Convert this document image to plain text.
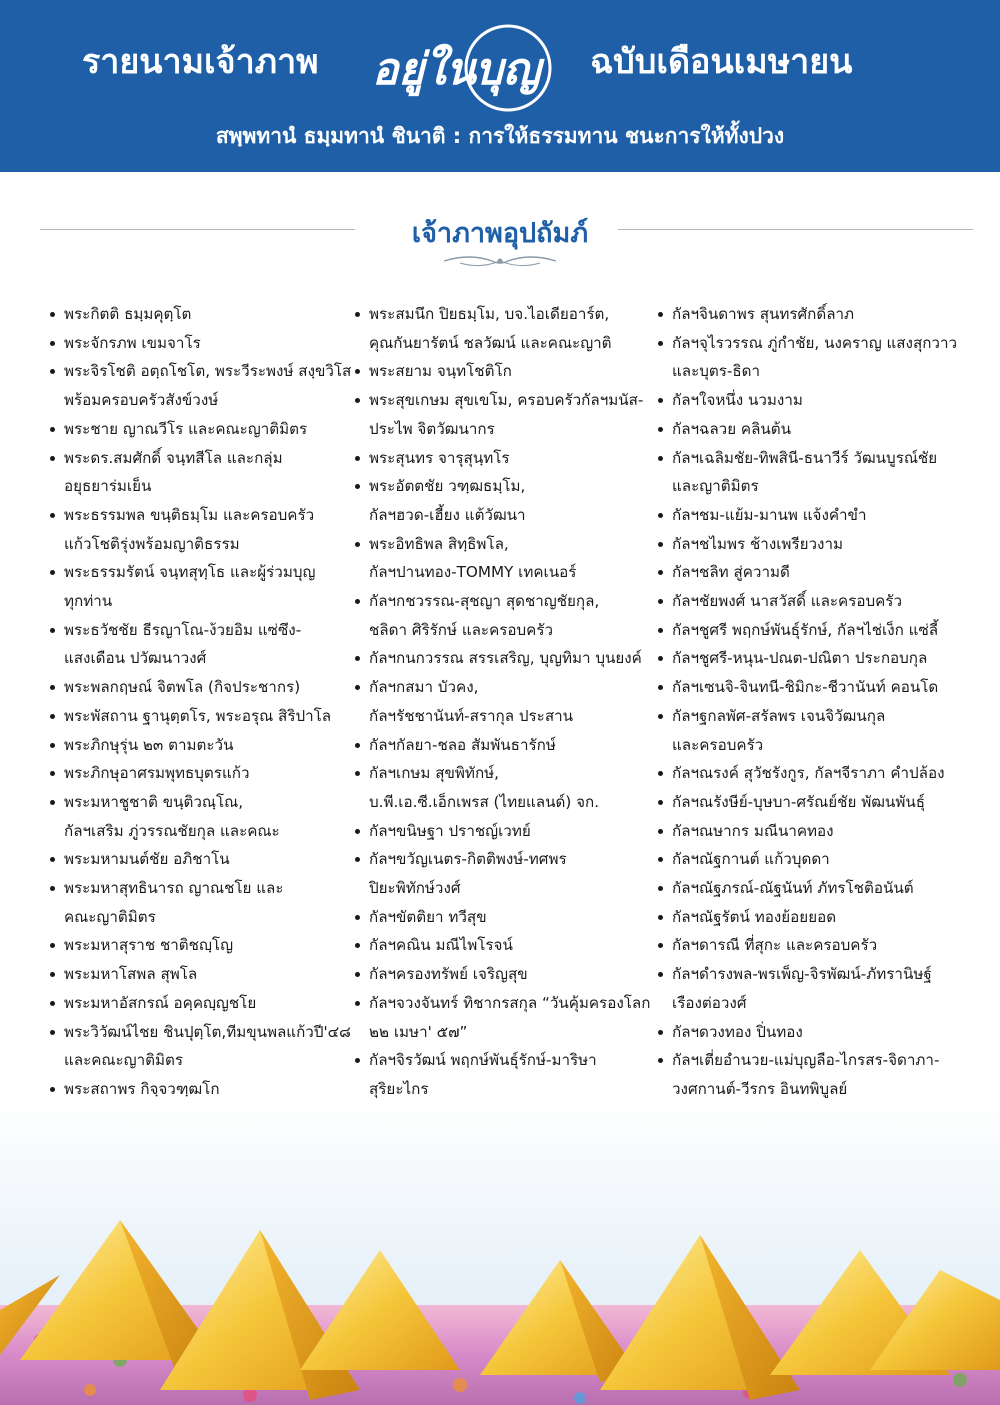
รายนามเจ้าภาพ อยู่ใน บุญ ฉบับเดือนเมษายน
สพฺพทานํ ธมฺมทานํ ชินาติ : การให้ธรรมทาน ชนะการให้ทั้งปวง
เจ้าภาพอุปถัมภ์
พระกิตติ ธมฺมคุตฺโต
พระจักรภพ เขมจาโร
พระจิรโชติ อตฺถโชโต, พระวีระพงษ์ สงฺขวิโส
พร้อมครอบครัวสังข์วงษ์
พระชาย ญาณวีโร และคณะญาติมิตร
พระดร.สมศักดิ์ จนฺทสีโล และกลุ่ม
อยุธยาร่มเย็น
พระธรรมพล ขนฺติธมฺโม และครอบครัว
แก้วโชติรุ่งพร้อมญาติธรรม
พระธรรมรัตน์ จนฺทสุทฺโธ และผู้ร่วมบุญ
ทุกท่าน
พระธวัชชัย ธีรญาโณ-ง้วยอิม แซ่ซึง-
แสงเดือน ปวัฒนาวงศ์
พระพลกฤษณ์ จิตพโล (กิจประชากร)
พระพัสถาน ฐานุตฺตโร, พระอรุณ สิริปาโล
พระภิกษุรุ่น ๒๓ ตามตะวัน
พระภิกษุอาศรมพุทธบุตรแก้ว
พระมหาชูชาติ ขนฺติวณฺโณ,
กัลฯเสริม ภู่วรรณชัยกุล และคณะ
พระมหามนต์ชัย อภิชาโน
พระมหาสุทธินารถ ญาณชโย และ
คณะญาติมิตร
พระมหาสุราช ชาติชญฺโญ
พระมหาโสพล สุพโล
พระมหาอัสกรณ์ อคฺคญฺญชโย
พระวิวัฒน์ไชย ชินปุตฺโต,ทีมขุนพลแก้วปี'๔๘
และคณะญาติมิตร
พระสถาพร กิจฺจวฑฺฒโก
พระสมนึก ปิยธมฺโม, บจ.ไอเดียอาร์ต,
คุณกันยารัตน์ ชลวัฒน์ และคณะญาติ
พระสยาม จนฺทโชติโก
พระสุขเกษม สุขเขโม, ครอบครัวกัลฯมนัส-
ประไพ จิตวัฒนากร
พระสุนทร จารุสุนฺทโร
พระอัตตชัย วฑฺฒธมฺโม,
กัลฯฮวด-เฮี้ยง แต้วัฒนา
พระอิทธิพล สิทฺธิพโล,
กัลฯปานทอง-TOMMY เทคเนอร์
กัลฯกชวรรณ-สุชญา สุดชาญชัยกุล,
ชลิดา ศิริรักษ์ และครอบครัว
กัลฯกนกวรรณ สรรเสริญ, บุญทิมา บุนยงค์
กัลฯกสมา บัวคง,
กัลฯรัชชานันท์-สรากุล ประสาน
กัลฯกัลยา-ชลอ สัมพันธารักษ์
กัลฯเกษม สุขพิทักษ์,
บ.พี.เอ.ซี.เอ็กเพรส (ไทยแลนด์) จก.
กัลฯขนิษฐา ปราชญ์เวทย์
กัลฯขวัญเนตร-กิตติพงษ์-ทศพร
ปิยะพิทักษ์วงศ์
กัลฯขัตติยา ทวีสุข
กัลฯคณิน มณีไพโรจน์
กัลฯครองทรัพย์ เจริญสุข
กัลฯจวงจันทร์ ทิชากรสกุล “วันคุ้มครองโลก
๒๒ เมษา' ๕๗”
กัลฯจิรวัฒน์ พฤกษ์พันธุ์รักษ์-มาริษา
สุริยะไกร
กัลฯจินดาพร สุนทรศักดิ์ลาภ
กัลฯจุไรวรรณ ภู่กำชัย, นงคราญ แสงสุกวาว
และบุตร-ธิดา
กัลฯใจหนึ่ง นวมงาม
กัลฯฉลวย คลินต้น
กัลฯเฉลิมชัย-ทิพสินี-ธนาวีร์ วัฒนบูรณ์ชัย
และญาติมิตร
กัลฯชม-แย้ม-มานพ แจ้งคำขำ
กัลฯชไมพร ช้างเพรียวงาม
กัลฯชลิท สู่ความดี
กัลฯชัยพงศ์ นาสวัสดิ์ และครอบครัว
กัลฯชูศรี พฤกษ์พันธุ์รักษ์, กัลฯไช่เง็ก แซ่ลี้
กัลฯชูศรี-หนุน-ปณต-ปณิตา ประกอบกุล
กัลฯเซนจิ-จินทนี-ชิมิกะ-ชีวานันท์ คอนโด
กัลฯฐกลพัศ-สรัลพร เจนจิวัฒนกุล
และครอบครัว
กัลฯณรงค์ สุวัชรังกูร, กัลฯจีราภา คำปล้อง
กัลฯณรังษีย์-บุษบา-ศรัณย์ชัย พัฒนพันธุ์
กัลฯณษากร มณีนาคทอง
กัลฯณัฐกานต์ แก้วบุดดา
กัลฯณัฐภรณ์-ณัฐนันท์ ภัทรโชติอนันต์
กัลฯณัฐรัตน์ ทองย้อยยอด
กัลฯดารณี ที่สุกะ และครอบครัว
กัลฯดำรงพล-พรเพ็ญ-จิรพัฒน์-ภัทรานิษฐ์
เรืองต่อวงศ์
กัลฯดวงทอง ปิ่นทอง
กัลฯเตี่ยอำนวย-แม่บุญลือ-ไกรสร-จิดาภา-
วงศกานต์-วีรกร อินทพิบูลย์
